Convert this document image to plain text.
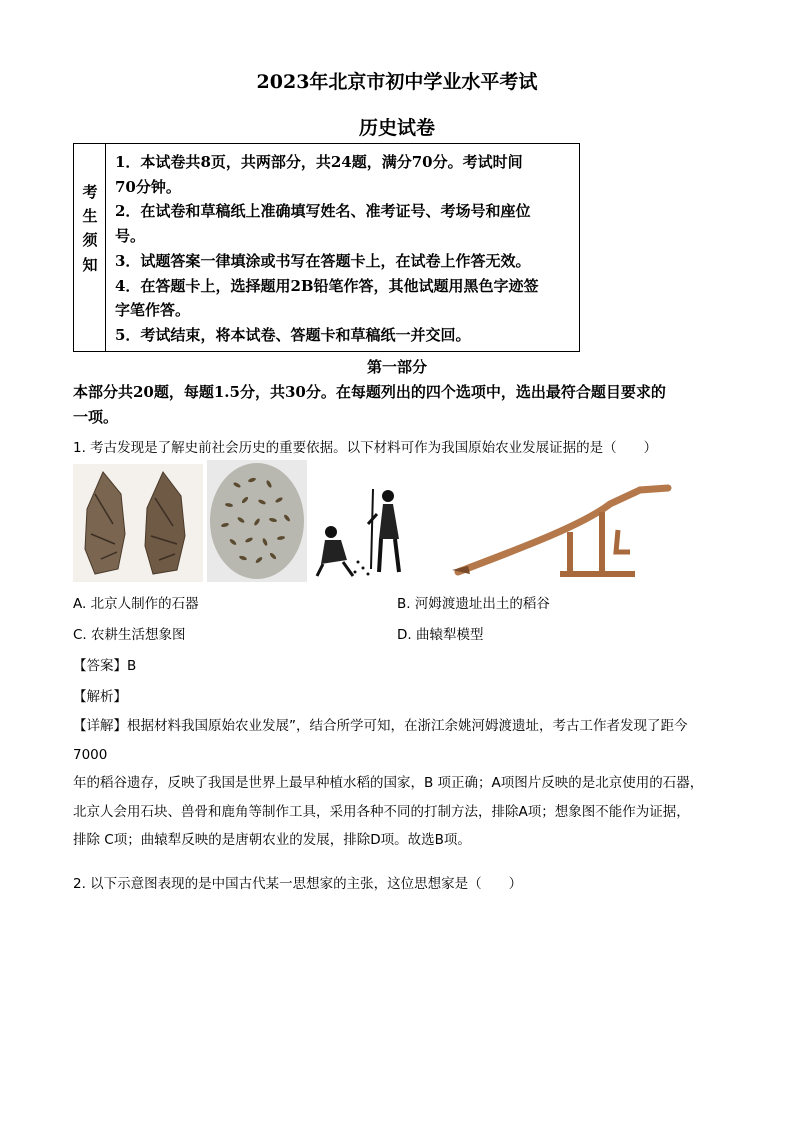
2023年北京市初中学业水平考试
历史试卷
考
生
须
知
1．本试卷共8页，共两部分，共24题，满分70分。考试时间
70分钟。
2．在试卷和草稿纸上准确填写姓名、准考证号、考场号和座位
号。
3．试题答案一律填涂或书写在答题卡上，在试卷上作答无效。
4．在答题卡上，选择题用2B铅笔作答，其他试题用黑色字迹签
字笔作答。
5．考试结束，将本试卷、答题卡和草稿纸一并交回。
第一部分
本部分共20题，每题1.5分，共30分。在每题列出的四个选项中，选出最符合题目要求的
一项。
1. 考古发现是了解史前社会历史的重要依据。以下材料可作为我国原始农业发展证据的是（　　）
A. 北京人制作的石器	B. 河姆渡遗址出土的稻谷
C. 农耕生活想象图	D. 曲辕犁模型
【答案】B
【解析】
【详解】根据材料我国原始农业发展”，结合所学可知，在浙江余姚河姆渡遗址，考古工作者发现了距今 7000
年的稻谷遗存，反映了我国是世界上最早种植水稻的国家，B 项正确；A项图片反映的是北京使用的石器，
北京人会用石块、兽骨和鹿角等制作工具，采用各种不同的打制方法，排除A项；想象图不能作为证据，
排除 C项；曲辕犁反映的是唐朝农业的发展，排除D项。故选B项。
2. 以下示意图表现的是中国古代某一思想家的主张，这位思想家是（　　）
